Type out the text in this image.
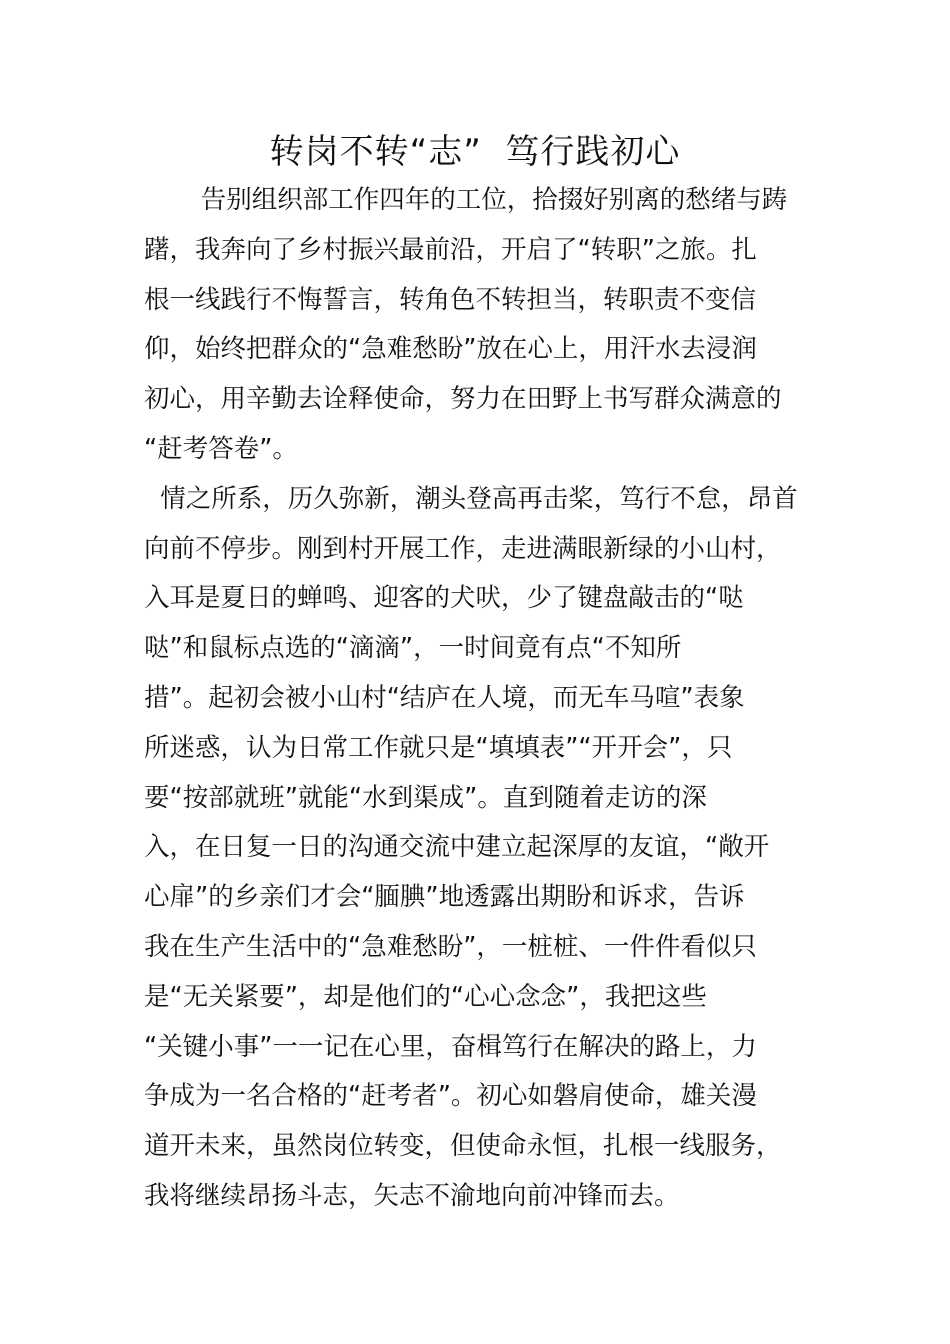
转岗不转“志”  笃行践初心
告别组织部工作四年的工位，拾掇好别离的愁绪与踌
躇，我奔向了乡村振兴最前沿，开启了“转职”之旅。扎
根一线践行不悔誓言，转角色不转担当，转职责不变信
仰，始终把群众的“急难愁盼”放在心上，用汗水去浸润
初心，用辛勤去诠释使命，努力在田野上书写群众满意的
“赶考答卷”。
情之所系，历久弥新，潮头登高再击桨，笃行不怠，昂首
向前不停步。刚到村开展工作，走进满眼新绿的小山村，
入耳是夏日的蝉鸣、迎客的犬吠，少了键盘敲击的“哒
哒”和鼠标点选的“滴滴”，一时间竟有点“不知所
措”。起初会被小山村“结庐在人境，而无车马喧”表象
所迷惑，认为日常工作就只是“填填表”“开开会”，只
要“按部就班”就能“水到渠成”。直到随着走访的深
入，在日复一日的沟通交流中建立起深厚的友谊，“敞开
心扉”的乡亲们才会“腼腆”地透露出期盼和诉求，告诉
我在生产生活中的“急难愁盼”，一桩桩、一件件看似只
是“无关紧要”，却是他们的“心心念念”，我把这些
“关键小事”一一记在心里，奋楫笃行在解决的路上，力
争成为一名合格的“赶考者”。初心如磐肩使命，雄关漫
道开未来，虽然岗位转变，但使命永恒，扎根一线服务，
我将继续昂扬斗志，矢志不渝地向前冲锋而去。
